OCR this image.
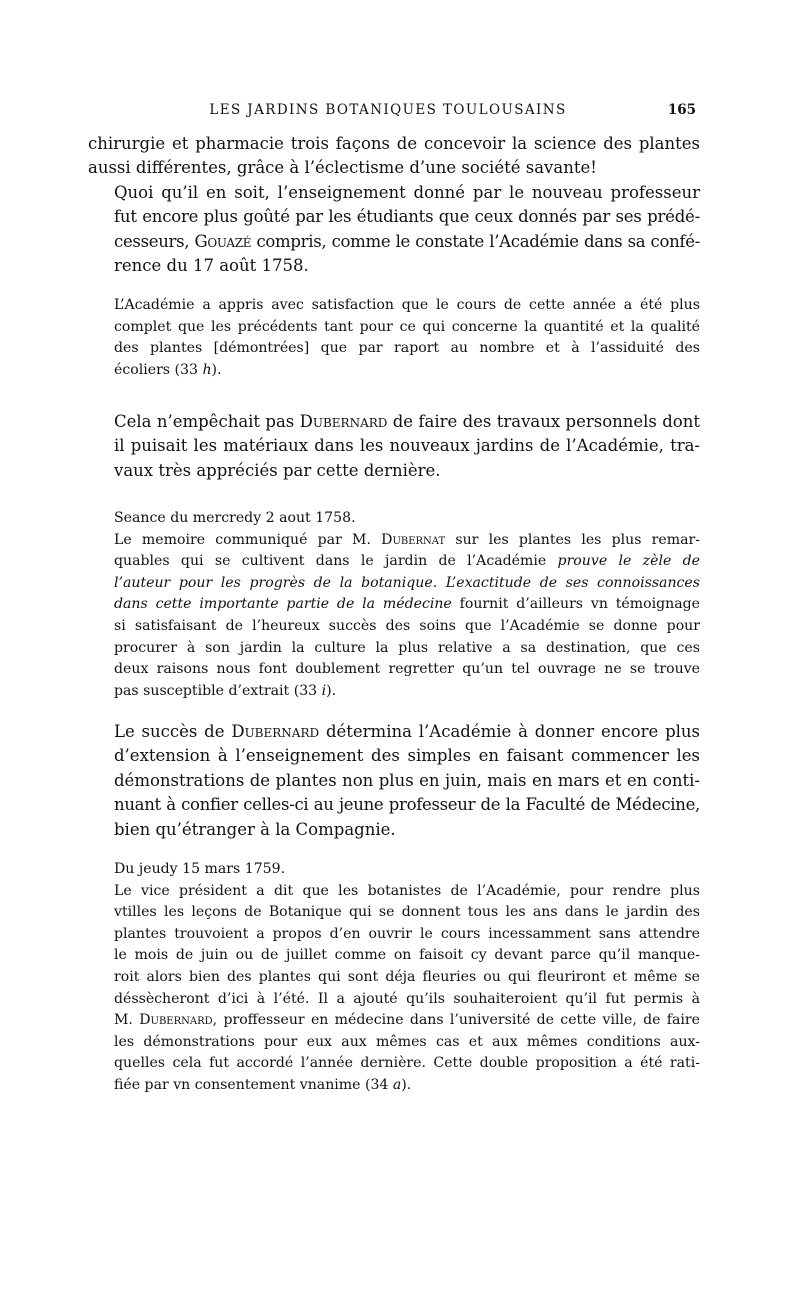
LES JARDINS BOTANIQUES TOULOUSAINS	165

chirurgie et pharmacie trois façons de concevoir la science des plantes
aussi différentes, grâce à l’éclectisme d’une société savante!

Quoi qu’il en soit, l’enseignement donné par le nouveau professeur
fut encore plus goûté par les étudiants que ceux donnés par ses prédé-
cesseurs, Gouazé compris, comme le constate l’Académie dans sa confé-
rence du 17 août 1758.

L’Académie a appris avec satisfaction que le cours de cette année a été plus
complet que les précédents tant pour ce qui concerne la quantité et la qualité
des plantes [démontrées] que par raport au nombre et à l’assiduité des
écoliers (33 h).

Cela n’empêchait pas Dubernard de faire des travaux personnels dont
il puisait les matériaux dans les nouveaux jardins de l’Académie, tra-
vaux très appréciés par cette dernière.

Seance du mercredy 2 aout 1758.
Le memoire communiqué par M. Dubernat sur les plantes les plus remar-
quables qui se cultivent dans le jardin de l’Académie prouve le zèle de
l’auteur pour les progrès de la botanique. L’exactitude de ses connoissances
dans cette importante partie de la médecine fournit d’ailleurs vn témoignage
si satisfaisant de l’heureux succès des soins que l’Académie se donne pour
procurer à son jardin la culture la plus relative a sa destination, que ces
deux raisons nous font doublement regretter qu’un tel ouvrage ne se trouve
pas susceptible d’extrait (33 i).

Le succès de Dubernard détermina l’Académie à donner encore plus
d’extension à l’enseignement des simples en faisant commencer les
démonstrations de plantes non plus en juin, mais en mars et en conti-
nuant à confier celles-ci au jeune professeur de la Faculté de Médecine,
bien qu’étranger à la Compagnie.

Du jeudy 15 mars 1759.
Le vice président a dit que les botanistes de l’Académie, pour rendre plus
vtilles les leçons de Botanique qui se donnent tous les ans dans le jardin des
plantes trouvoient a propos d’en ouvrir le cours incessamment sans attendre
le mois de juin ou de juillet comme on faisoit cy devant parce qu’il manque-
roit alors bien des plantes qui sont déja fleuries ou qui fleuriront et même se
déssècheront d’ici à l’été. Il a ajouté qu’ils souhaiteroient qu’il fut permis à
M. Dubernard, proffesseur en médecine dans l’université de cette ville, de faire
les démonstrations pour eux aux mêmes cas et aux mêmes conditions aux-
quelles cela fut accordé l’année dernière. Cette double proposition a été rati-
fiée par vn consentement vnanime (34 a).
